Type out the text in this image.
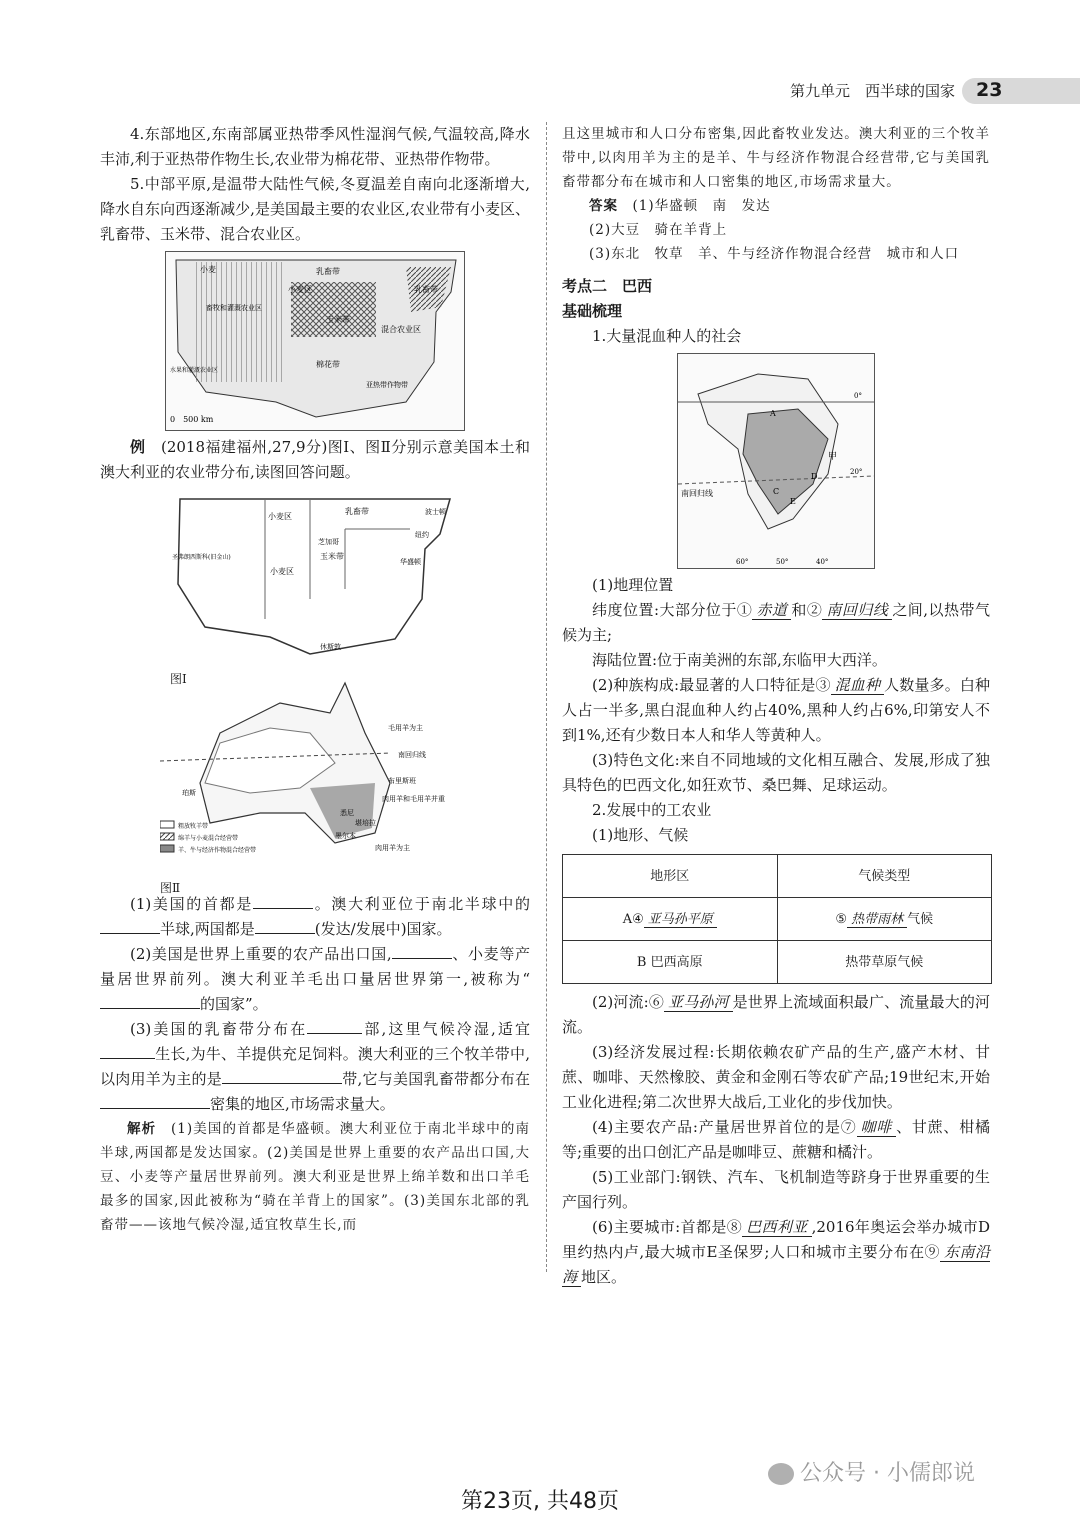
第九单元　西半球的国家 23

4.东部地区,东南部属亚热带季风性湿润气候,气温较高,降水丰沛,利于亚热带作物生长,农业带为棉花带、亚热带作物带。

5.中部平原,是温带大陆性气候,冬夏温差自南向北逐渐增大,降水自东向西逐渐减少,是美国最主要的农业区,农业带有小麦区、乳畜带、玉米带、混合农业区。

0　500 km
小麦
畜牧和灌溉农业区
乳畜带
小麦区
玉米带
混合农业区
水果和灌溉农业区
棉花带
亚热带作物带
乳畜带

例　 (2018福建福州,27,9分)图Ⅰ、图Ⅱ分别示意美国本土和澳大利亚的农业带分布,读图回答问题。

小麦区
乳畜带	波士顿
芝加哥
纽约
圣弗朗西斯科(旧金山)	玉米带
小麦区
华盛顿
休斯敦

图Ⅰ

毛用羊为主
南回归线
布里斯班
珀斯
肉用羊和毛用羊并重
悉尼
墨尔本
堪培拉
肉用羊为主
粗放牧羊带
绵羊与小麦混合经营带
羊、牛与经济作物混合经营带

图Ⅱ

(1)美国的首都是	。澳大利亚位于南北半球中的半球,两国都是	(发达/发展中)国家。

(2)美国是世界上重要的农产品出口国,	、小麦等产量居世界前列。澳大利亚羊毛出口量居世界第一,被称为“的国家”。

(3)美国的乳畜带分布在	部,这里气候冷湿,适宜生长,为牛、羊提供充足饲料。澳大利亚的三个牧羊带中,以肉用羊为主的是	带,它与美国乳畜带都分布在密集的地区,市场需求量大。

解析　 (1)美国的首都是华盛顿。澳大利亚位于南北半球中的南半球,两国都是发达国家。(2)美国是世界上重要的农产品出口国,大豆、小麦等产量居世界前列。澳大利亚是世界上绵羊数和出口羊毛最多的国家,因此被称为“骑在羊背上的国家”。(3)美国东北部的乳畜带——该地气候冷湿,适宜牧草生长,而

且这里城市和人口分布密集,因此畜牧业发达。澳大利亚的三个牧羊带中,以肉用羊为主的是羊、牛与经济作物混合经营带,它与美国乳畜带都分布在城市和人口密集的地区,市场需求量大。

答案　 (1)华盛顿　南　发达

(2)大豆　骑在羊背上

(3)东北　牧草　羊、牛与经济作物混合经营　城市和人口

考点二　巴西

基础梳理

1.大量混血种人的社会

A
甲
C
D
E
南回归线
0°
20°
60°	50°	40°

(1)地理位置

纬度位置:大部分位于① 赤道 和② 南回归线 之间,以热带气候为主;

海陆位置:位于南美洲的东部,东临甲大西洋。

(2)种族构成:最显著的人口特征是③ 混血种 人数量多。白种人占一半多,黑白混血种人约占40%,黑种人约占6%,印第安人不到1%,还有少数日本人和华人等黄种人。

(3)特色文化:来自不同地域的文化相互融合、发展,形成了独具特色的巴西文化,如狂欢节、桑巴舞、足球运动。

2.发展中的工农业

(1)地形、气候

地形区	气候类型
A④ 亚马孙平原	⑤ 热带雨林 气候
B 巴西高原	热带草原气候

(2)河流:⑥ 亚马孙河 是世界上流域面积最广、流量最大的河流。

(3)经济发展过程:长期依赖农矿产品的生产,盛产木材、甘蔗、咖啡、天然橡胶、黄金和金刚石等农矿产品;19世纪末,开始工业化进程;第二次世界大战后,工业化的步伐加快。

(4)主要农产品:产量居世界首位的是⑦ 咖啡 、甘蔗、柑橘等;重要的出口创汇产品是咖啡豆、蔗糖和橘汁。

(5)工业部门:钢铁、汽车、飞机制造等跻身于世界重要的生产国行列。

(6)主要城市:首都是⑧ 巴西利亚 ,2016年奥运会举办城市D里约热内卢,最大城市E圣保罗;人口和城市主要分布在⑨ 东南沿海 地区。

公众号 · 小儒郎说
第23页, 共48页
